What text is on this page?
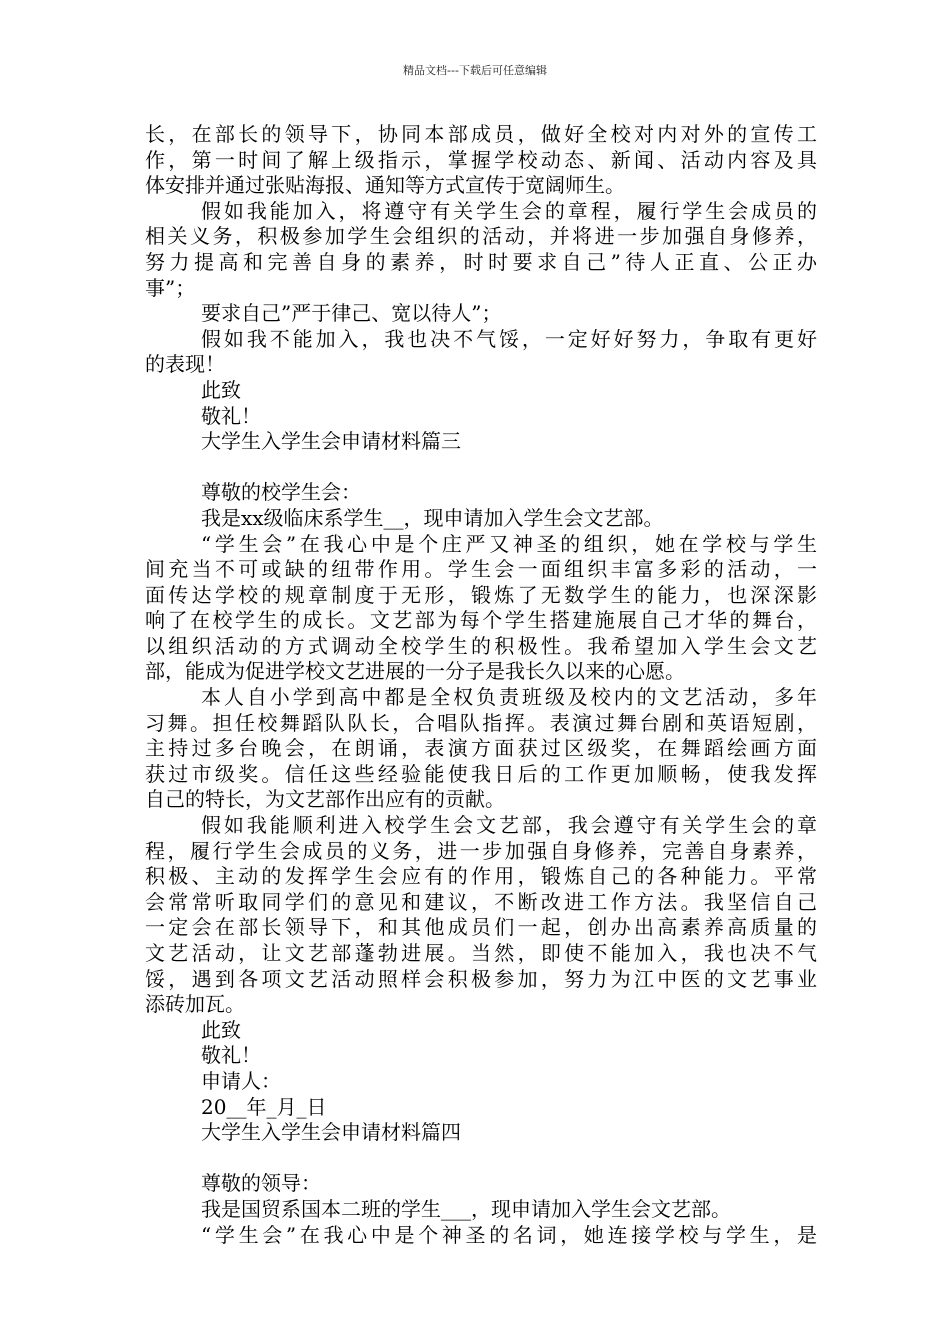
精品文档---下载后可任意编辑
长，在部长的领导下，协同本部成员，做好全校对内对外的宣传工
作，第一时间了解上级指示，掌握学校动态、新闻、活动内容及具
体安排并通过张贴海报、通知等方式宣传于宽阔师生。
假如我能加入，将遵守有关学生会的章程，履行学生会成员的
相关义务，积极参加学生会组织的活动，并将进一步加强自身修养，
努力提高和完善自身的素养，时时要求自己”待人正直、公正办
事”；
要求自己”严于律己、宽以待人”；
假如我不能加入，我也决不气馁，一定好好努力，争取有更好
的表现！
此致
敬礼！
大学生入学生会申请材料篇三
尊敬的校学生会：
我是xx级临床系学生__，现申请加入学生会文艺部。
“学生会”在我心中是个庄严又神圣的组织，她在学校与学生
间充当不可或缺的纽带作用。学生会一面组织丰富多彩的活动，一
面传达学校的规章制度于无形，锻炼了无数学生的能力，也深深影
响了在校学生的成长。文艺部为每个学生搭建施展自己才华的舞台，
以组织活动的方式调动全校学生的积极性。我希望加入学生会文艺
部，能成为促进学校文艺进展的一分子是我长久以来的心愿。
本人自小学到高中都是全权负责班级及校内的文艺活动，多年
习舞。担任校舞蹈队队长，合唱队指挥。表演过舞台剧和英语短剧，
主持过多台晚会，在朗诵，表演方面获过区级奖，在舞蹈绘画方面
获过市级奖。信任这些经验能使我日后的工作更加顺畅，使我发挥
自己的特长，为文艺部作出应有的贡献。
假如我能顺利进入校学生会文艺部，我会遵守有关学生会的章
程，履行学生会成员的义务，进一步加强自身修养，完善自身素养，
积极、主动的发挥学生会应有的作用，锻炼自己的各种能力。平常
会常常听取同学们的意见和建议，不断改进工作方法。我坚信自己
一定会在部长领导下，和其他成员们一起，创办出高素养高质量的
文艺活动，让文艺部蓬勃进展。当然，即使不能加入，我也决不气
馁，遇到各项文艺活动照样会积极参加，努力为江中医的文艺事业
添砖加瓦。
此致
敬礼！
申请人：
20__年_月_日
大学生入学生会申请材料篇四
尊敬的领导：
我是国贸系国本二班的学生___，现申请加入学生会文艺部。
“学生会”在我心中是个神圣的名词，她连接学校与学生，是
